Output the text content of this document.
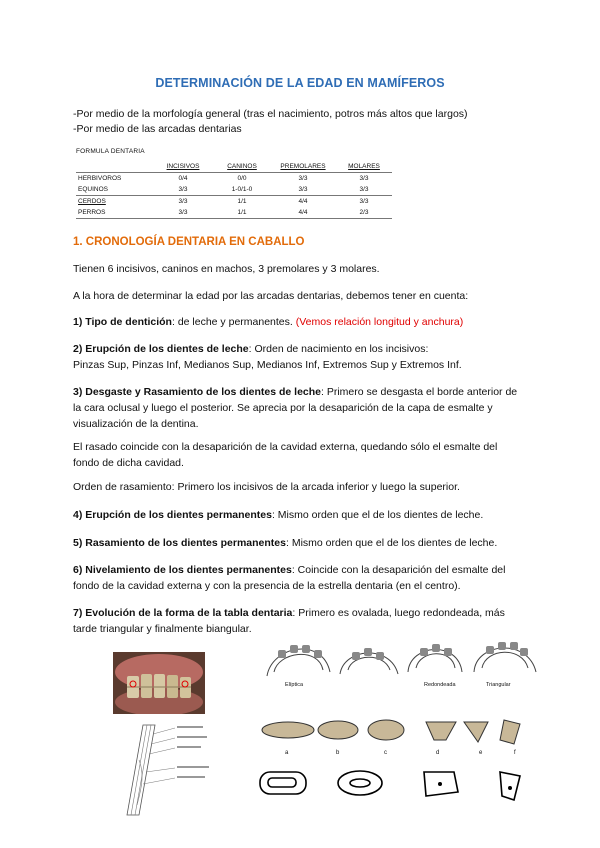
DETERMINACIÓN DE LA EDAD EN MAMÍFEROS
-Por medio de la morfología general (tras el nacimiento, potros más altos que largos)
-Por medio de las arcadas dentarias
FORMULA DENTARIA
	INCISIVOS	CANINOS	PREMOLARES	MOLARES
HERBIVOROS	0/4	0/0	3/3	3/3
EQUINOS	3/3	1-0/1-0	3/3	3/3
CERDOS	3/3	1/1	4/4	3/3
PERROS	3/3	1/1	4/4	2/3
1. CRONOLOGÍA DENTARIA EN CABALLO
Tienen 6 incisivos, caninos en machos, 3 premolares y 3 molares.
A la hora de determinar la edad por las arcadas dentarias, debemos tener en cuenta:
1) Tipo de dentición: de leche y permanentes. (Vemos relación longitud y anchura)
2) Erupción de los dientes de leche: Orden de nacimiento en los incisivos:
Pinzas Sup, Pinzas Inf, Medianos Sup, Medianos Inf, Extremos Sup y Extremos Inf.
3) Desgaste y Rasamiento de los dientes de leche: Primero se desgasta el borde anterior de la cara oclusal y luego el posterior. Se aprecia por la desaparición de la capa de esmalte y visualización de la dentina.
El rasado coincide con la desaparición de la cavidad externa, quedando sólo el esmalte del fondo de dicha cavidad.
Orden de rasamiento: Primero los incisivos de la arcada inferior y luego la superior.
4) Erupción de los dientes permanentes: Mismo orden que el de los dientes de leche.
5) Rasamiento de los dientes permanentes: Mismo orden que el de los dientes de leche.
6) Nivelamiento de los dientes permanentes: Coincide con la desaparición del esmalte del fondo de la cavidad externa y con la presencia de la estrella dentaria (en el centro).
7) Evolución de la forma de la tabla dentaria: Primero es ovalada, luego redondeada, más tarde triangular y finalmente biangular.
Elíptica	Redondeada	Triangular
a	b	c	d	e	f
